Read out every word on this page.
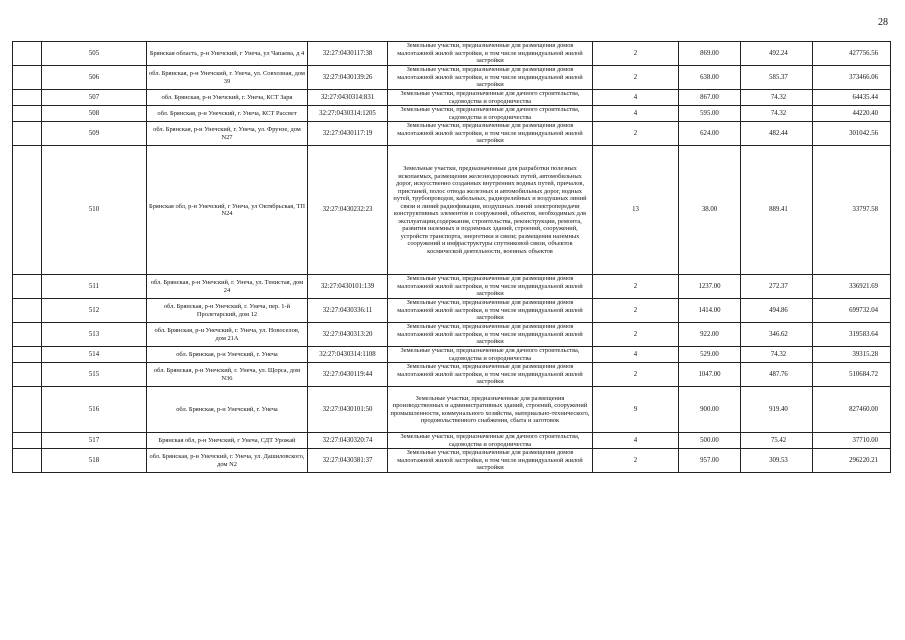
28
	505	Брянская область, р-н Унечский, г Унеча, ул Чапаева, д 4	32:27:0430117:38	Земельные участки, предназначенные для размещения домов малоэтажной жилой застройки, в том числе индивидуальной жилой застройки	2	869.00	492.24	427756.56
	506	обл. Брянская, р-н Унечский, г. Унеча, ул. Совхозная, дом 39	32:27:0430139:26	Земельные участки, предназначенные для размещения домов малоэтажной жилой застройки, в том числе индивидуальной жилой застройки	2	638.00	585.37	373466.06
	507	обл. Брянская, р-н Унечский, г. Унеча, КСТ Заря	32:27:0430314:831	Земельные участки, предназначенные для дачного строительства, садоводства и огородничества	4	867.00	74.32	64435.44
	508	обл. Брянская, р-н Унечский, г. Унеча, КСТ Рассвет	32:27:0430314:1205	Земельные участки, предназначенные для дачного строительства, садоводства и огородничества	4	595.00	74.32	44220.40
	509	обл. Брянская, р-н Унечский, г. Унеча, ул. Фрунзе, дом N27	32:27:0430117:19	Земельные участки, предназначенные для размещения домов малоэтажной жилой застройки, в том числе индивидуальной жилой застройки	2	624.00	482.44	301042.56
	510	Брянская обл, р-н Унечский, г Унеча, ул Октябрьская, ТП N24	32:27:0430232:23	Земельные участки, предназначенные для разработки полезных ископаемых, размещения железнодорожных путей, автомобильных дорог, искусственно созданных внутренних водных путей, причалов, пристаней, полос отвода железных и автомобильных дорог, водных путей, трубопроводов, кабельных, радиорелейных и воздушных линий связи и линий радиофикации, воздушных линий электропередачи конструктивных элементов и сооружений, объектов, необходимых для эксплуатации,содержания, строительства, реконструкции, ремонта, развития наземных и подземных зданий, строений, сооружений, устройств транспорта, энергетики и связи; размещения наземных сооружений и инфраструктуры спутниковой связи, объектов космической деятельности, военных объектов	13	38.00	889.41	33797.58
	511	обл. Брянская, р-н Унечский, г. Унеча, ул. Тенистая, дом 24	32:27:0430101:139	Земельные участки, предназначенные для размещения домов малоэтажной жилой застройки, в том числе индивидуальной жилой застройки	2	1237.00	272.37	336921.69
	512	обл. Брянская, р-н Унечский, г. Унеча, пер. 1-й Пролетарский, дом 12	32:27:0430336:11	Земельные участки, предназначенные для размещения домов малоэтажной жилой застройки, в том числе индивидуальной жилой застройки	2	1414.00	494.86	699732.04
	513	обл. Брянская, р-н Унечский, г. Унеча, ул. Новоселов, дом 21А	32:27:0430313:20	Земельные участки, предназначенные для размещения домов малоэтажной жилой застройки, в том числе индивидуальной жилой застройки	2	922.00	346.62	319583.64
	514	обл. Брянская, р-н Унечский, г. Унеча	32:27:0430314:1108	Земельные участки, предназначенные для дачного строительства, садоводства и огородничества	4	529.00	74.32	39315.28
	515	обл. Брянская, р-н Унечский, г. Унеча, ул. Щорса, дом N36	32:27:0430119:44	Земельные участки, предназначенные для размещения домов малоэтажной жилой застройки, в том числе индивидуальной жилой застройки	2	1047.00	487.76	510684.72
	516	обл. Брянская, р-н Унечский, г. Унеча	32:27:0430101:50	Земельные участки, предназначенные для размещения производственных и административных зданий, строений, сооружений промышленности, коммунального хозяйства, материально-технического, продовольственного снабжения, сбыта и заготовок	9	900.00	919.40	827460.00
	517	Брянская обл, р-н Унечский, г Унеча, СДТ Урожай	32:27:0430320:74	Земельные участки, предназначенные для дачного строительства, садоводства и огородничества	4	500.00	75.42	37710.00
	518	обл. Брянская, р-н Унечский, г. Унеча, ул. Дашиловского, дом N2	32:27:0430381:37	Земельные участки, предназначенные для размещения домов малоэтажной жилой застройки, в том числе индивидуальной жилой застройки	2	957.00	309.53	296220.21
